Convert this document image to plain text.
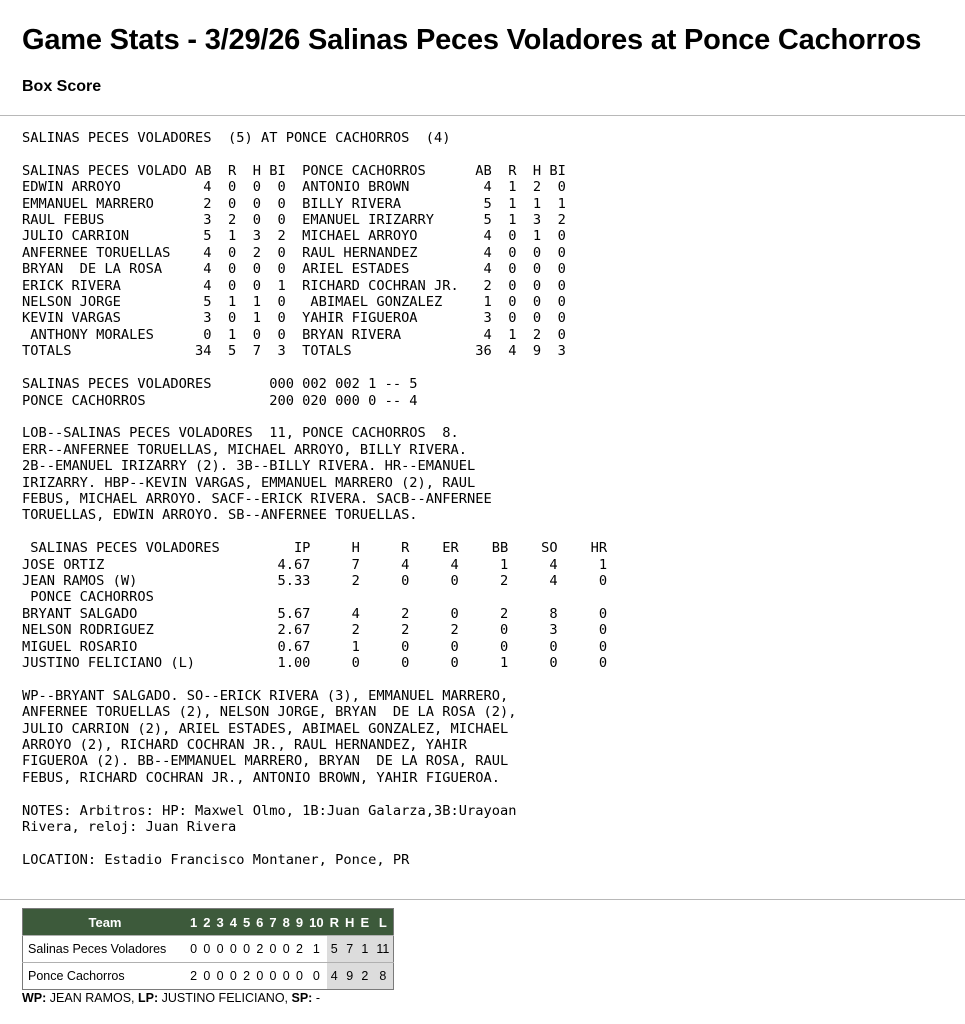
Game Stats - 3/29/26 Salinas Peces Voladores at Ponce Cachorros
Box Score
SALINAS PECES VOLADORES  (5) AT PONCE CACHORROS  (4)

SALINAS PECES VOLADO AB  R  H BI  PONCE CACHORROS      AB  R  H BI
EDWIN ARROYO          4  0  0  0  ANTONIO BROWN         4  1  2  0
EMMANUEL MARRERO      2  0  0  0  BILLY RIVERA          5  1  1  1
RAUL FEBUS            3  2  0  0  EMANUEL IRIZARRY      5  1  3  2
JULIO CARRION         5  1  3  2  MICHAEL ARROYO        4  0  1  0
ANFERNEE TORUELLAS    4  0  2  0  RAUL HERNANDEZ        4  0  0  0
BRYAN  DE LA ROSA     4  0  0  0  ARIEL ESTADES         4  0  0  0
ERICK RIVERA          4  0  0  1  RICHARD COCHRAN JR.   2  0  0  0
NELSON JORGE          5  1  1  0   ABIMAEL GONZALEZ     1  0  0  0
KEVIN VARGAS          3  0  1  0  YAHIR FIGUEROA        3  0  0  0
ANTHONY MORALES      0  1  0  0  BRYAN RIVERA          4  1  2  0
TOTALS               34  5  7  3  TOTALS               36  4  9  3

SALINAS PECES VOLADORES       000 002 002 1 -- 5
PONCE CACHORROS               200 020 000 0 -- 4

LOB--SALINAS PECES VOLADORES  11, PONCE CACHORROS  8.
ERR--ANFERNEE TORUELLAS, MICHAEL ARROYO, BILLY RIVERA.
2B--EMANUEL IRIZARRY (2). 3B--BILLY RIVERA. HR--EMANUEL
IRIZARRY. HBP--KEVIN VARGAS, EMMANUEL MARRERO (2), RAUL
FEBUS, MICHAEL ARROYO. SACF--ERICK RIVERA. SACB--ANFERNEE
TORUELLAS, EDWIN ARROYO. SB--ANFERNEE TORUELLAS.

SALINAS PECES VOLADORES         IP     H     R    ER    BB    SO    HR
JOSE ORTIZ                     4.67     7     4     4     1     4     1
JEAN RAMOS (W)                 5.33     2     0     0     2     4     0
PONCE CACHORROS
BRYANT SALGADO                 5.67     4     2     0     2     8     0
NELSON RODRIGUEZ               2.67     2     2     2     0     3     0
MIGUEL ROSARIO                 0.67     1     0     0     0     0     0
JUSTINO FELICIANO (L)          1.00     0     0     0     1     0     0

WP--BRYANT SALGADO. SO--ERICK RIVERA (3), EMMANUEL MARRERO,
ANFERNEE TORUELLAS (2), NELSON JORGE, BRYAN  DE LA ROSA (2),
JULIO CARRION (2), ARIEL ESTADES, ABIMAEL GONZALEZ, MICHAEL
ARROYO (2), RICHARD COCHRAN JR., RAUL HERNANDEZ, YAHIR
FIGUEROA (2). BB--EMMANUEL MARRERO, BRYAN  DE LA ROSA, RAUL
FEBUS, RICHARD COCHRAN JR., ANTONIO BROWN, YAHIR FIGUEROA.

NOTES: Arbitros: HP: Maxwel Olmo, 1B:Juan Galarza,3B:Urayoan
Rivera, reloj: Juan Rivera

LOCATION: Estadio Francisco Montaner, Ponce, PR
Team	1	2	3	4	5	6	7	8	9	10	R	H	E	L
Salinas Peces Voladores	0	0	0	0	0	2	0	0	2	1	5	7	1	11
Ponce Cachorros	2	0	0	0	2	0	0	0	0	0	4	9	2	8
WP: JEAN RAMOS, LP: JUSTINO FELICIANO, SP: -
